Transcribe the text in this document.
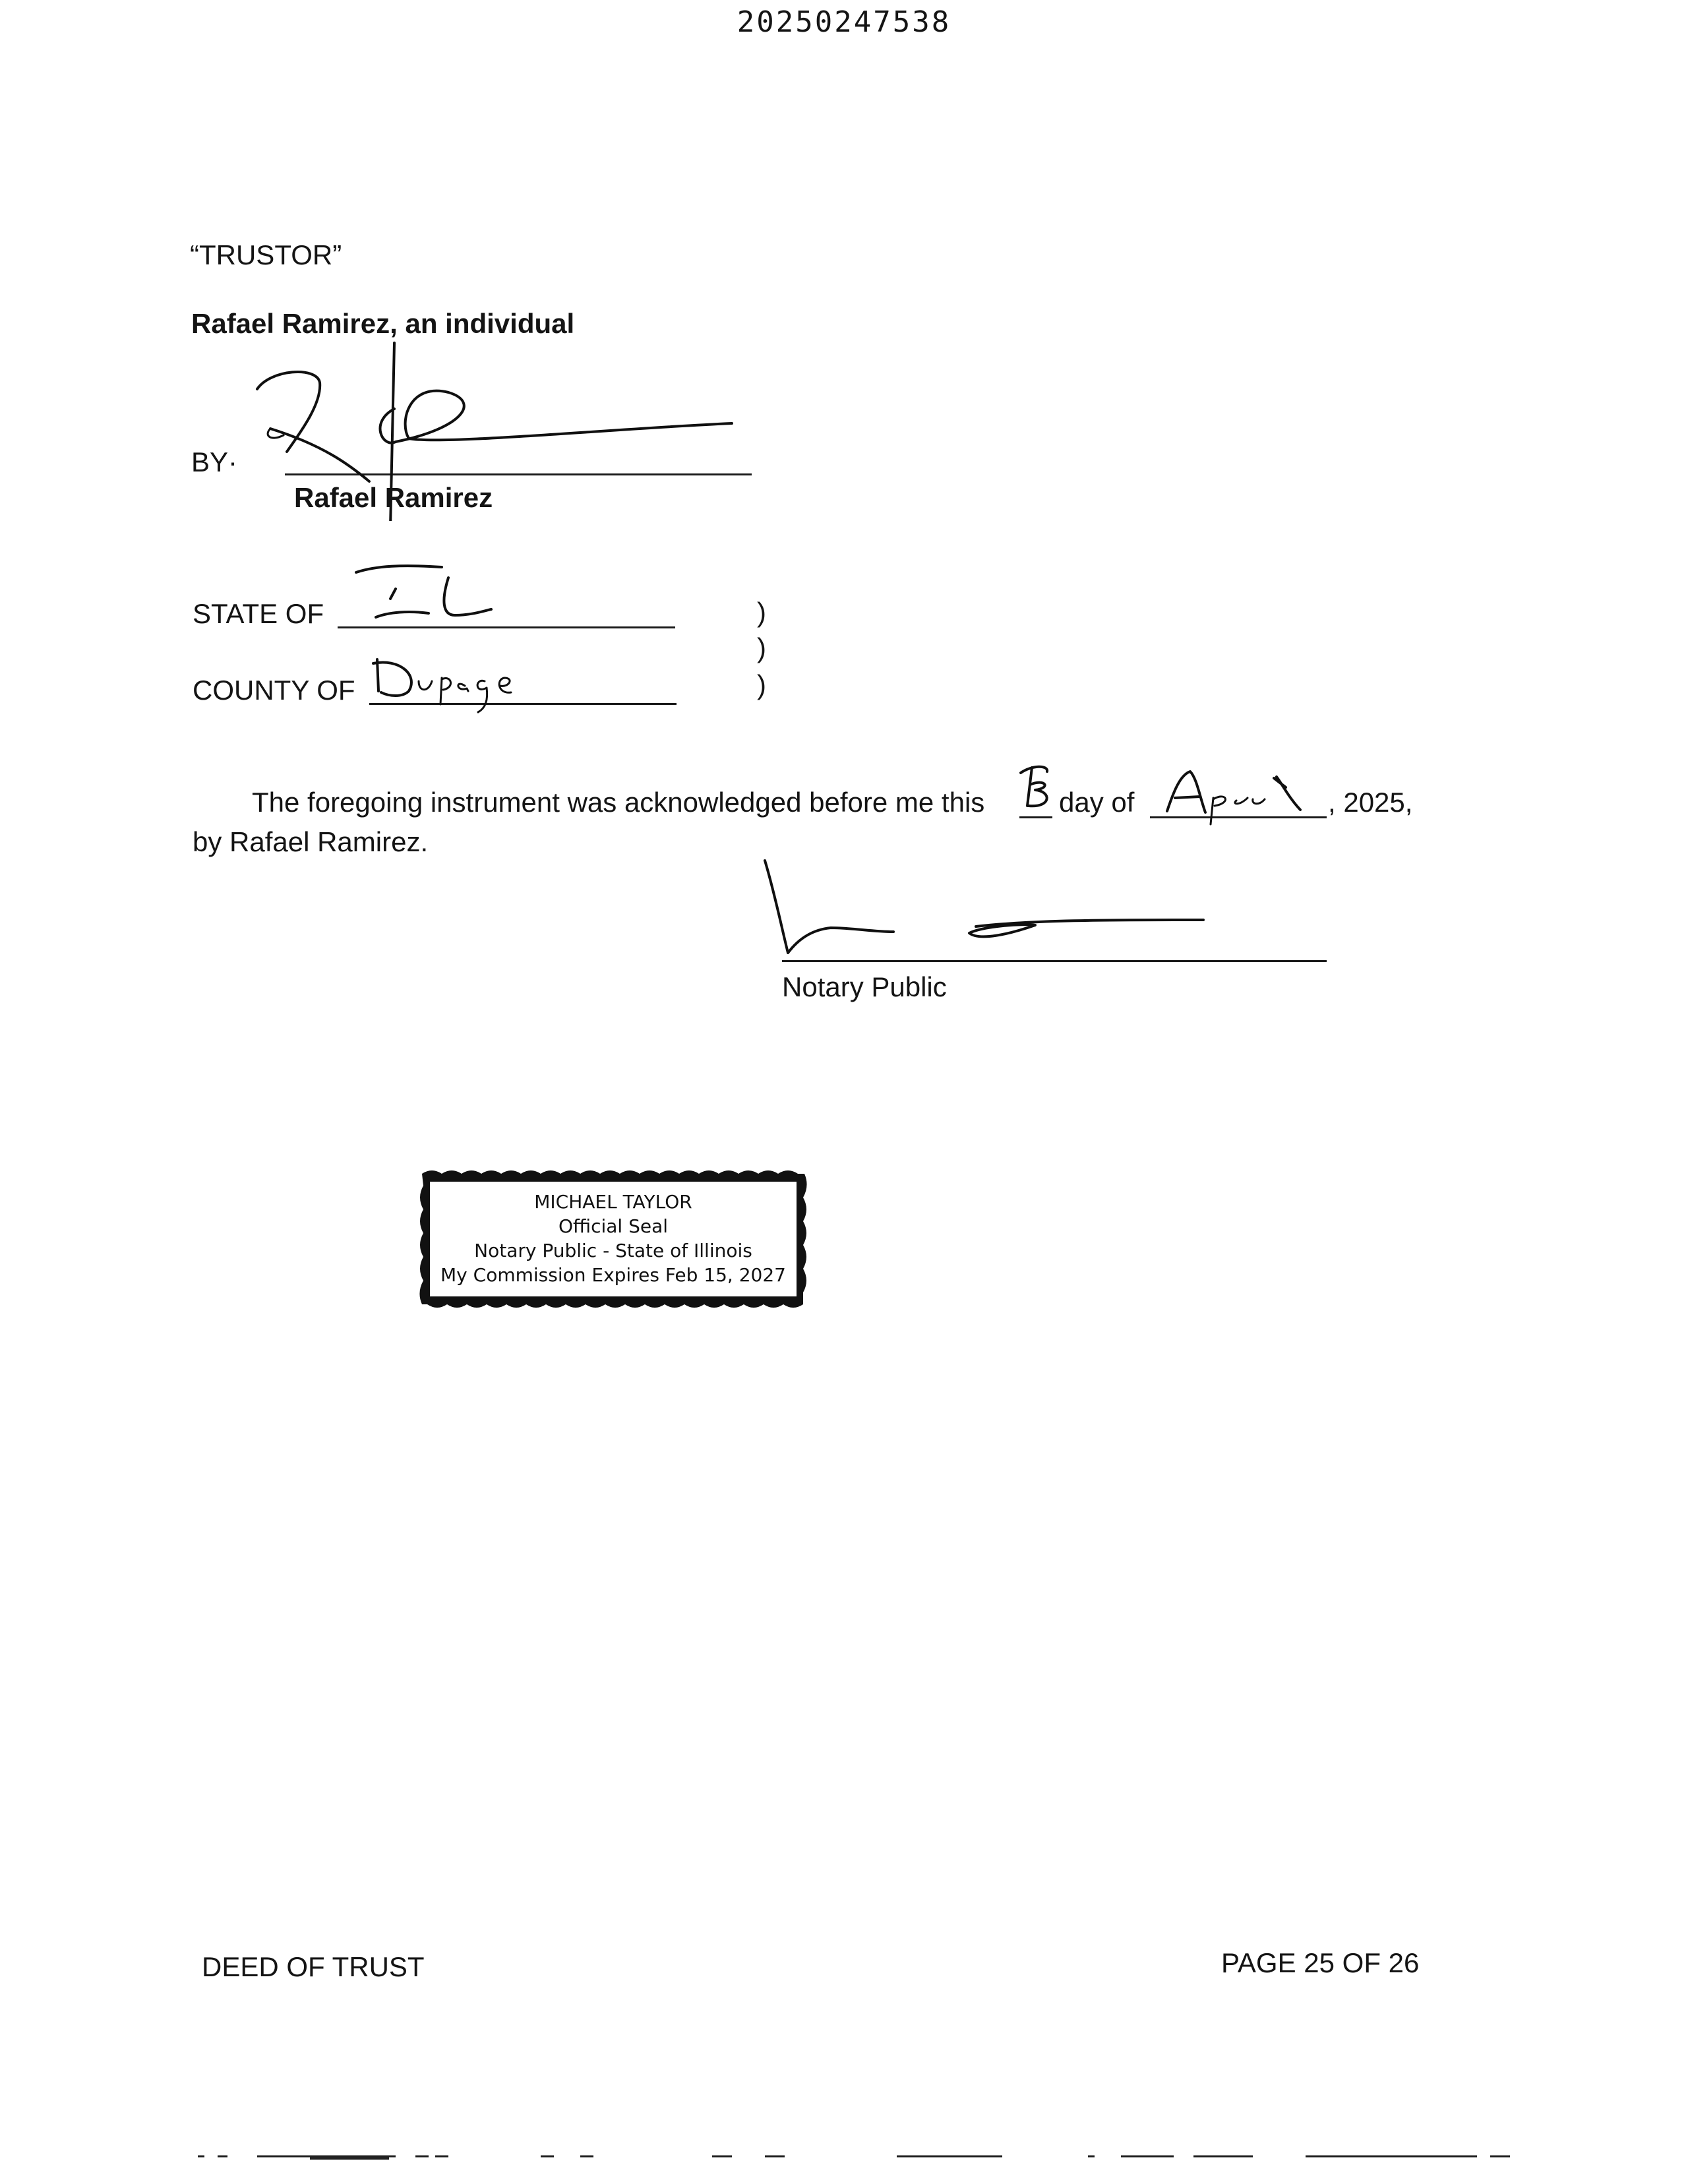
20250247538
“TRUSTOR”
Rafael Ramirez, an individual
BY·
Rafael Ramirez
STATE OF
COUNTY OF
)
)
)
The foregoing instrument was acknowledged before me this	day of	, 2025,
by Rafael Ramirez.
Notary Public
MICHAEL TAYLOR
Official Seal
Notary Public - State of Illinois
My Commission Expires Feb 15, 2027
DEED OF TRUST	PAGE 25 OF 26
